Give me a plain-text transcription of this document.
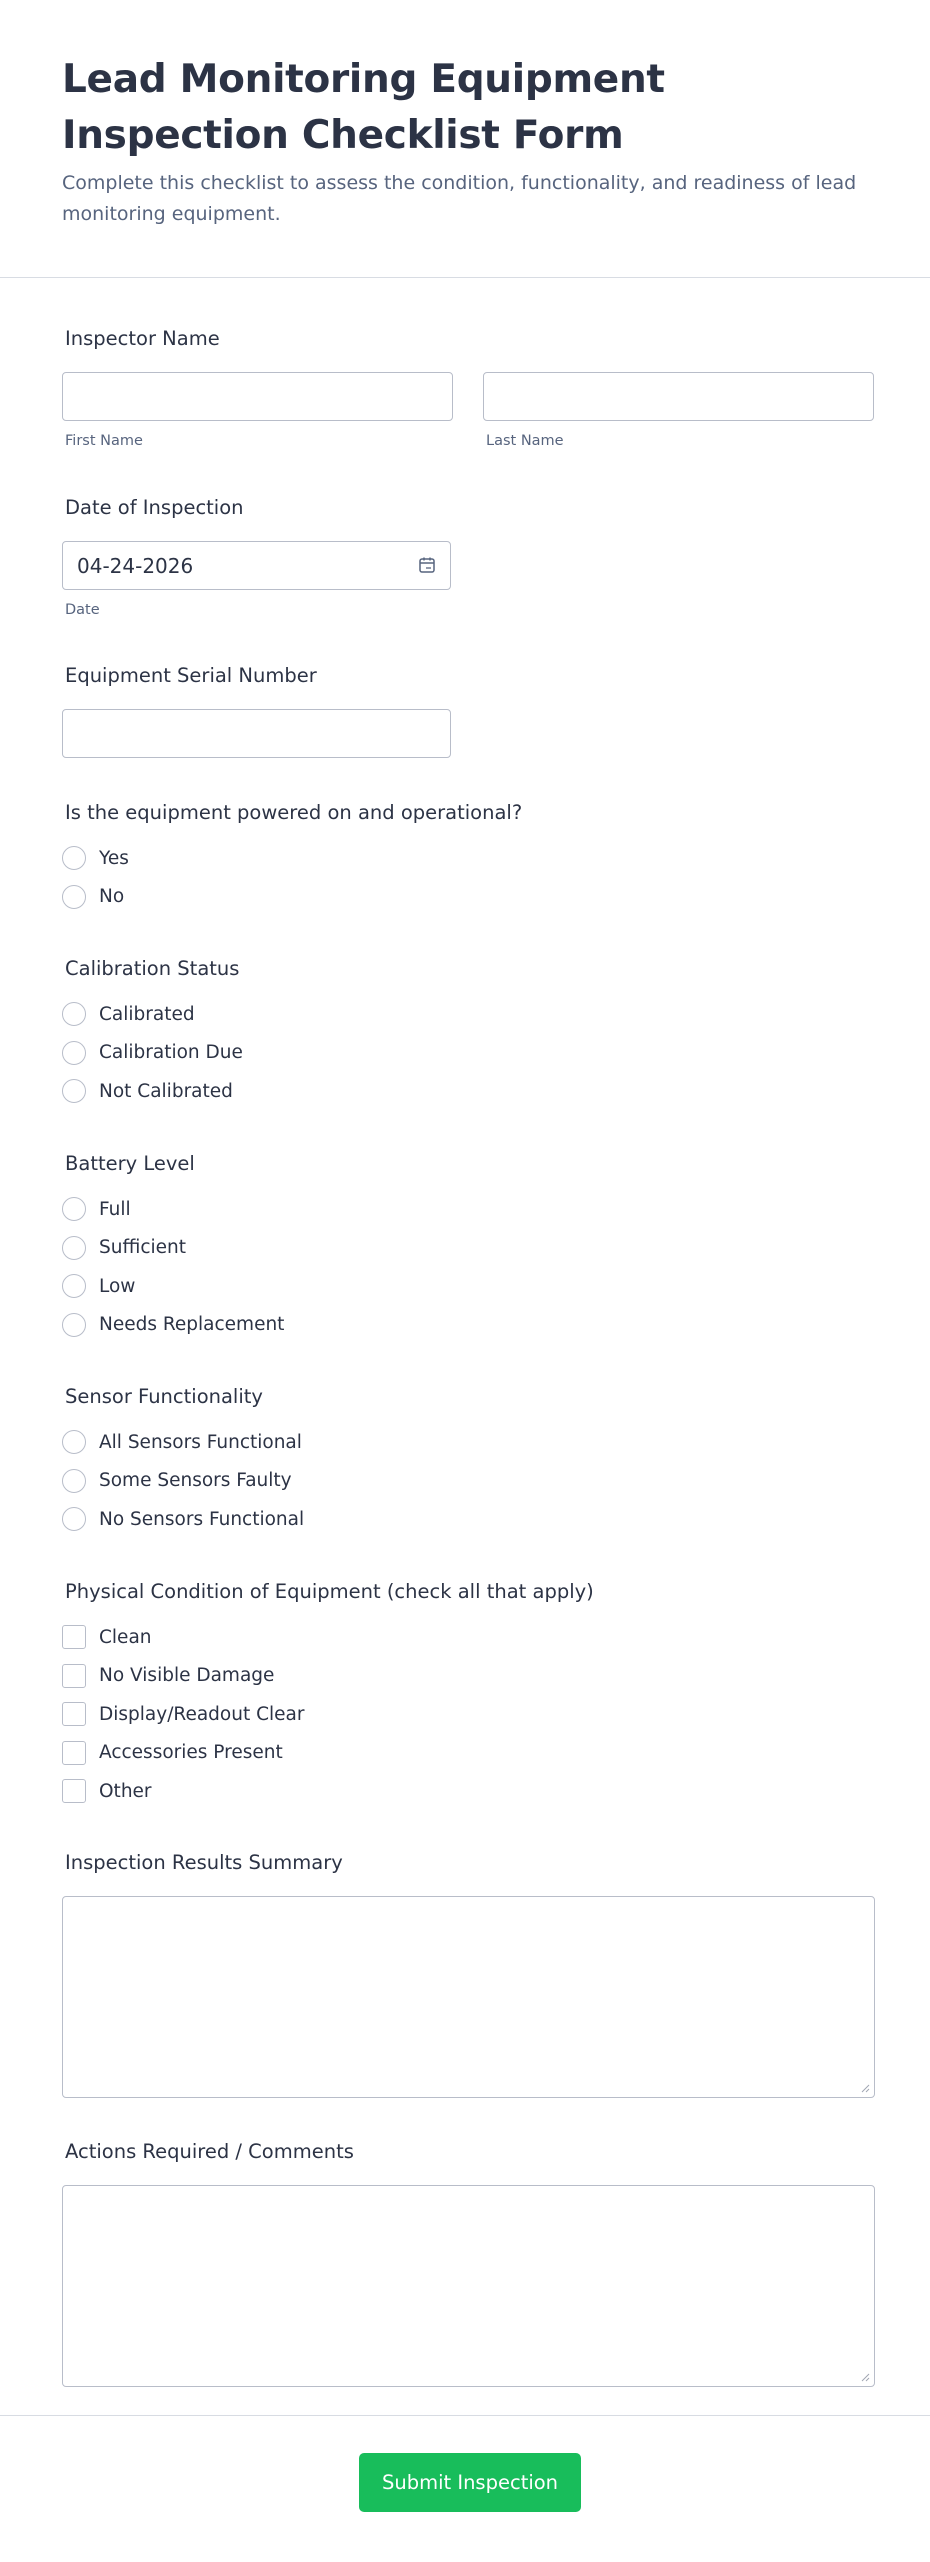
Lead Monitoring Equipment Inspection Checklist Form

Complete this checklist to assess the condition, functionality, and readiness of lead monitoring equipment.

Inspector Name
First Name	Last Name
Date of Inspection
04-24-2026
Date
Equipment Serial Number
Is the equipment powered on and operational?
Yes
No
Calibration Status
Calibrated
Calibration Due
Not Calibrated
Battery Level
Full
Sufficient
Low
Needs Replacement
Sensor Functionality
All Sensors Functional
Some Sensors Faulty
No Sensors Functional
Physical Condition of Equipment (check all that apply)
Clean
No Visible Damage
Display/Readout Clear
Accessories Present
Other
Inspection Results Summary
Actions Required / Comments
Submit Inspection
